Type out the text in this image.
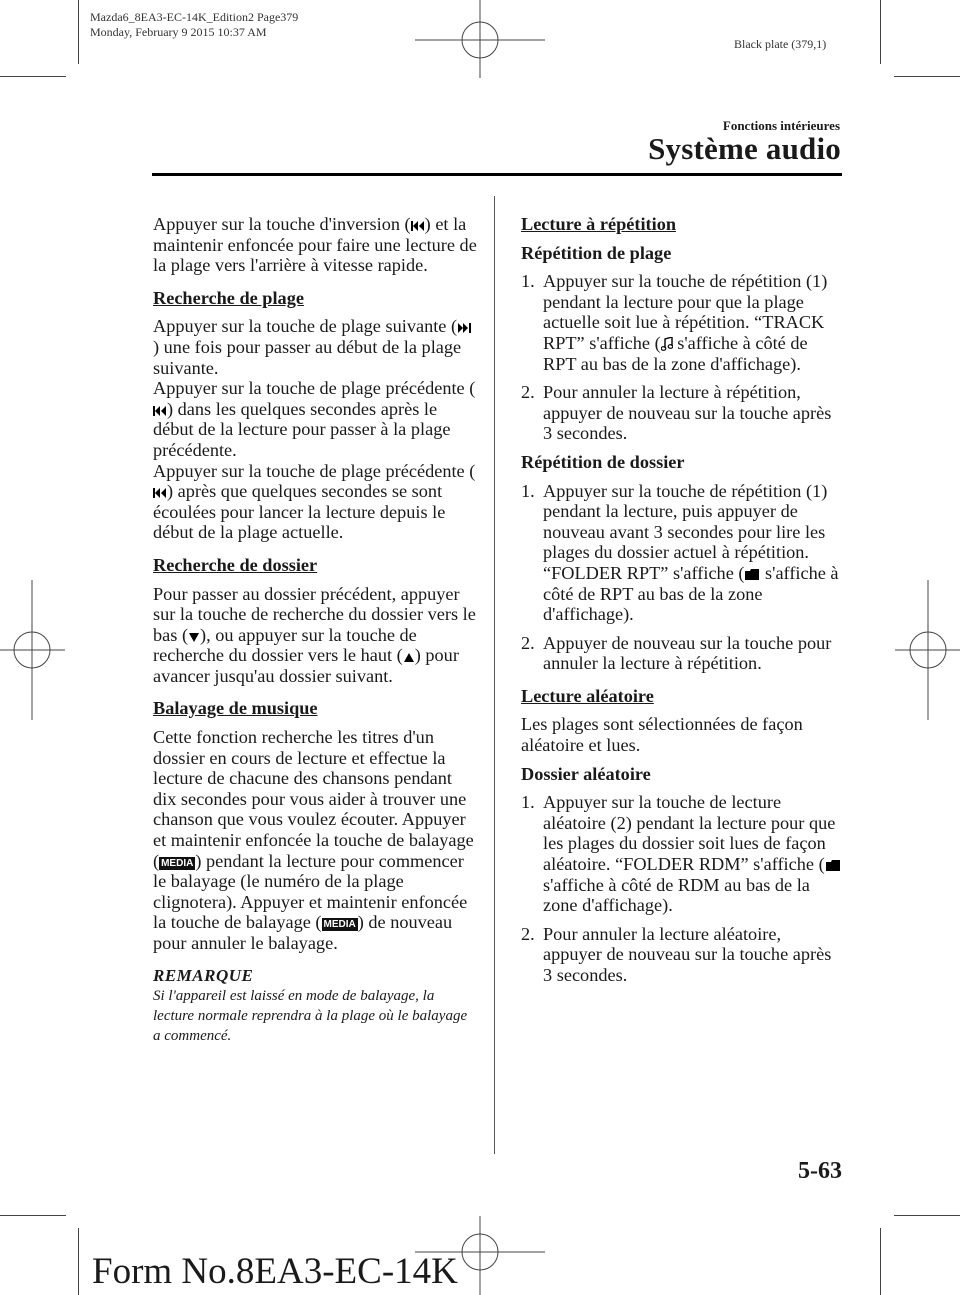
Mazda6_8EA3-EC-14K_Edition2 Page379
Monday, February 9 2015 10:37 AM
Black plate (379,1)
Fonctions intérieures
Système audio

Appuyer sur la touche d'inversion ( ) et la maintenir enfoncée pour faire une lecture de la plage vers l'arrière à vitesse rapide.

Recherche de plage

Appuyer sur la touche de plage suivante () une fois pour passer au début de la plage suivante.

Appuyer sur la touche de plage précédente () dans les quelques secondes après le début de la lecture pour passer à la plage précédente.

Appuyer sur la touche de plage précédente () après que quelques secondes se sont écoulées pour lancer la lecture depuis le début de la plage actuelle.

Recherche de dossier

Pour passer au dossier précédent, appuyer sur la touche de recherche du dossier vers le bas ( ), ou appuyer sur la touche de recherche du dossier vers le haut ( ) pour avancer jusqu'au dossier suivant.

Balayage de musique

Cette fonction recherche les titres d'un dossier en cours de lecture et effectue la lecture de chacune des chansons pendant dix secondes pour vous aider à trouver une chanson que vous voulez écouter. Appuyer et maintenir enfoncée la touche de balayage ( MEDIA ) pendant la lecture pour commencer le balayage (le numéro de la plage clignotera). Appuyer et maintenir enfoncée la touche de balayage ( MEDIA ) de nouveau pour annuler le balayage.

REMARQUE
Si l'appareil est laissé en mode de balayage, la lecture normale reprendra à la plage où le balayage a commencé.
Lecture à répétition
Répétition de plage
1. Appuyer sur la touche de répétition (1) pendant la lecture pour que la plage actuelle soit lue à répétition. “TRACK RPT” s'affiche ( s'affiche à côté de RPT au bas de la zone d'affichage).
2. Pour annuler la lecture à répétition, appuyer de nouveau sur la touche après 3 secondes.
Répétition de dossier
1. Appuyer sur la touche de répétition (1) pendant la lecture, puis appuyer de nouveau avant 3 secondes pour lire les plages du dossier actuel à répétition. “FOLDER RPT” s'affiche ( s'affiche à côté de RPT au bas de la zone d'affichage).
2. Appuyer de nouveau sur la touche pour annuler la lecture à répétition.
Lecture aléatoire

Les plages sont sélectionnées de façon aléatoire et lues.

Dossier aléatoire
1. Appuyer sur la touche de lecture aléatoire (2) pendant la lecture pour que les plages du dossier soit lues de façon aléatoire. “FOLDER RDM” s'affiche ( s'affiche à côté de RDM au bas de la zone d'affichage).
2. Pour annuler la lecture aléatoire, appuyer de nouveau sur la touche après 3 secondes.
5-63
Form No.8EA3-EC-14K
